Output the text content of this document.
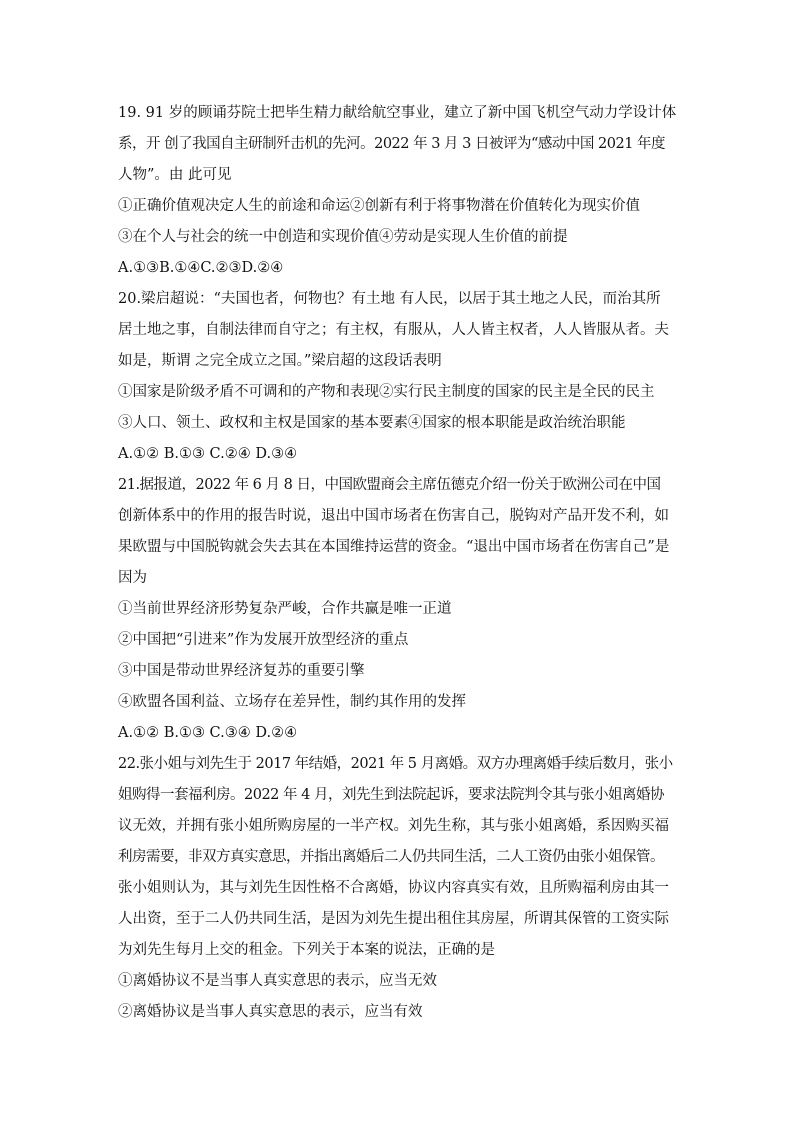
19. 91 岁的顾诵芬院士把毕生精力献给航空事业，建立了新中国飞机空气动力学设计体
系，开 创了我国自主研制歼击机的先河。2022 年 3 月 3 日被评为“感动中国 2021 年度
人物”。由 此可见
①正确价值观决定人生的前途和命运②创新有利于将事物潜在价值转化为现实价值
③在个人与社会的统一中创造和实现价值④劳动是实现人生价值的前提
A.①③B.①④C.②③D.②④
20.梁启超说：“夫国也者，何物也？有土地 有人民，以居于其土地之人民，而治其所
居土地之事，自制法律而自守之；有主权，有服从，人人皆主权者，人人皆服从者。夫
如是，斯谓 之完全成立之国。”梁启超的这段话表明
①国家是阶级矛盾不可调和的产物和表现②实行民主制度的国家的民主是全民的民主
③人口、领土、政权和主权是国家的基本要素④国家的根本职能是政治统治职能
A.①② B.①③ C.②④ D.③④
21.据报道，2022 年 6 月 8 日，中国欧盟商会主席伍德克介绍一份关于欧洲公司在中国
创新体系中的作用的报告时说，退出中国市场者在伤害自己，脱钩对产品开发不利，如
果欧盟与中国脱钩就会失去其在本国维持运营的资金。“退出中国市场者在伤害自己”是
因为
①当前世界经济形势复杂严峻，合作共赢是唯一正道
②中国把“引进来”作为发展开放型经济的重点
③中国是带动世界经济复苏的重要引擎
④欧盟各国利益、立场存在差异性，制约其作用的发挥
A.①② B.①③ C.③④ D.②④
22.张小姐与刘先生于 2017 年结婚，2021 年 5 月离婚。双方办理离婚手续后数月，张小
姐购得一套福利房。2022 年 4 月，刘先生到法院起诉，要求法院判令其与张小姐离婚协
议无效，并拥有张小姐所购房屋的一半产权。刘先生称，其与张小姐离婚，系因购买福
利房需要，非双方真实意思，并指出离婚后二人仍共同生活，二人工资仍由张小姐保管。
张小姐则认为，其与刘先生因性格不合离婚，协议内容真实有效，且所购福利房由其一
人出资，至于二人仍共同生活，是因为刘先生提出租住其房屋，所谓其保管的工资实际
为刘先生每月上交的租金。下列关于本案的说法，正确的是
①离婚协议不是当事人真实意思的表示，应当无效
②离婚协议是当事人真实意思的表示，应当有效
